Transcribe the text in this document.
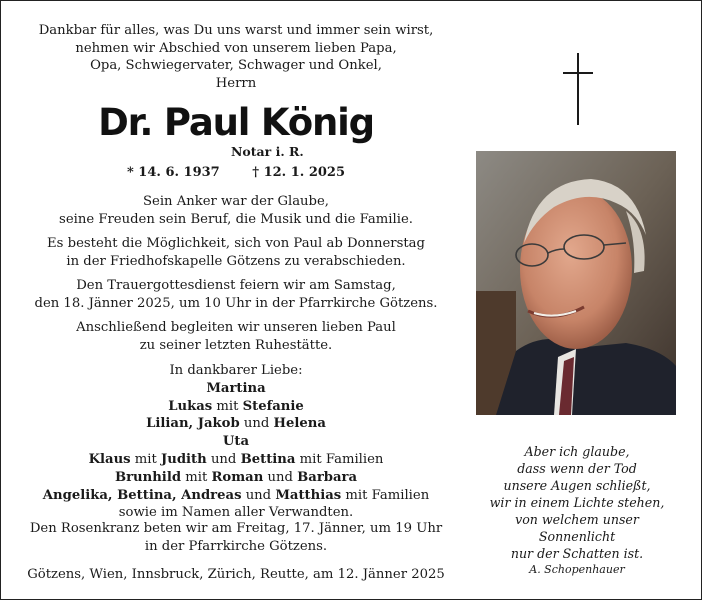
Dankbar für alles, was Du uns warst und immer sein wirst,
nehmen wir Abschied von unserem lieben Papa,
Opa, Schwiegervater, Schwager und Onkel,
Herrn
Dr. Paul König
Notar i. R.
* 14. 6. 1937	† 12. 1. 2025
Sein Anker war der Glaube,
seine Freuden sein Beruf, die Musik und die Familie.
Es besteht die Möglichkeit, sich von Paul ab Donnerstag
in der Friedhofskapelle Götzens zu verabschieden.
Den Trauergottesdienst feiern wir am Samstag,
den 18. Jänner 2025, um 10 Uhr in der Pfarrkirche Götzens.
Anschließend begleiten wir unseren lieben Paul
zu seiner letzten Ruhestätte.
In dankbarer Liebe:
Martina
Lukas mit Stefanie
Lilian, Jakob und Helena
Uta
Klaus mit Judith und Bettina mit Familien
Brunhild mit Roman und Barbara
Angelika, Bettina, Andreas und Matthias mit Familien
sowie im Namen aller Verwandten.
Den Rosenkranz beten wir am Freitag, 17. Jänner, um 19 Uhr
in der Pfarrkirche Götzens.
Götzens, Wien, Innsbruck, Zürich, Reutte, am 12. Jänner 2025
Aber ich glaube,
dass wenn der Tod
unsere Augen schließt,
wir in einem Lichte stehen,
von welchem unser Sonnenlicht
nur der Schatten ist.
A. Schopenhauer
